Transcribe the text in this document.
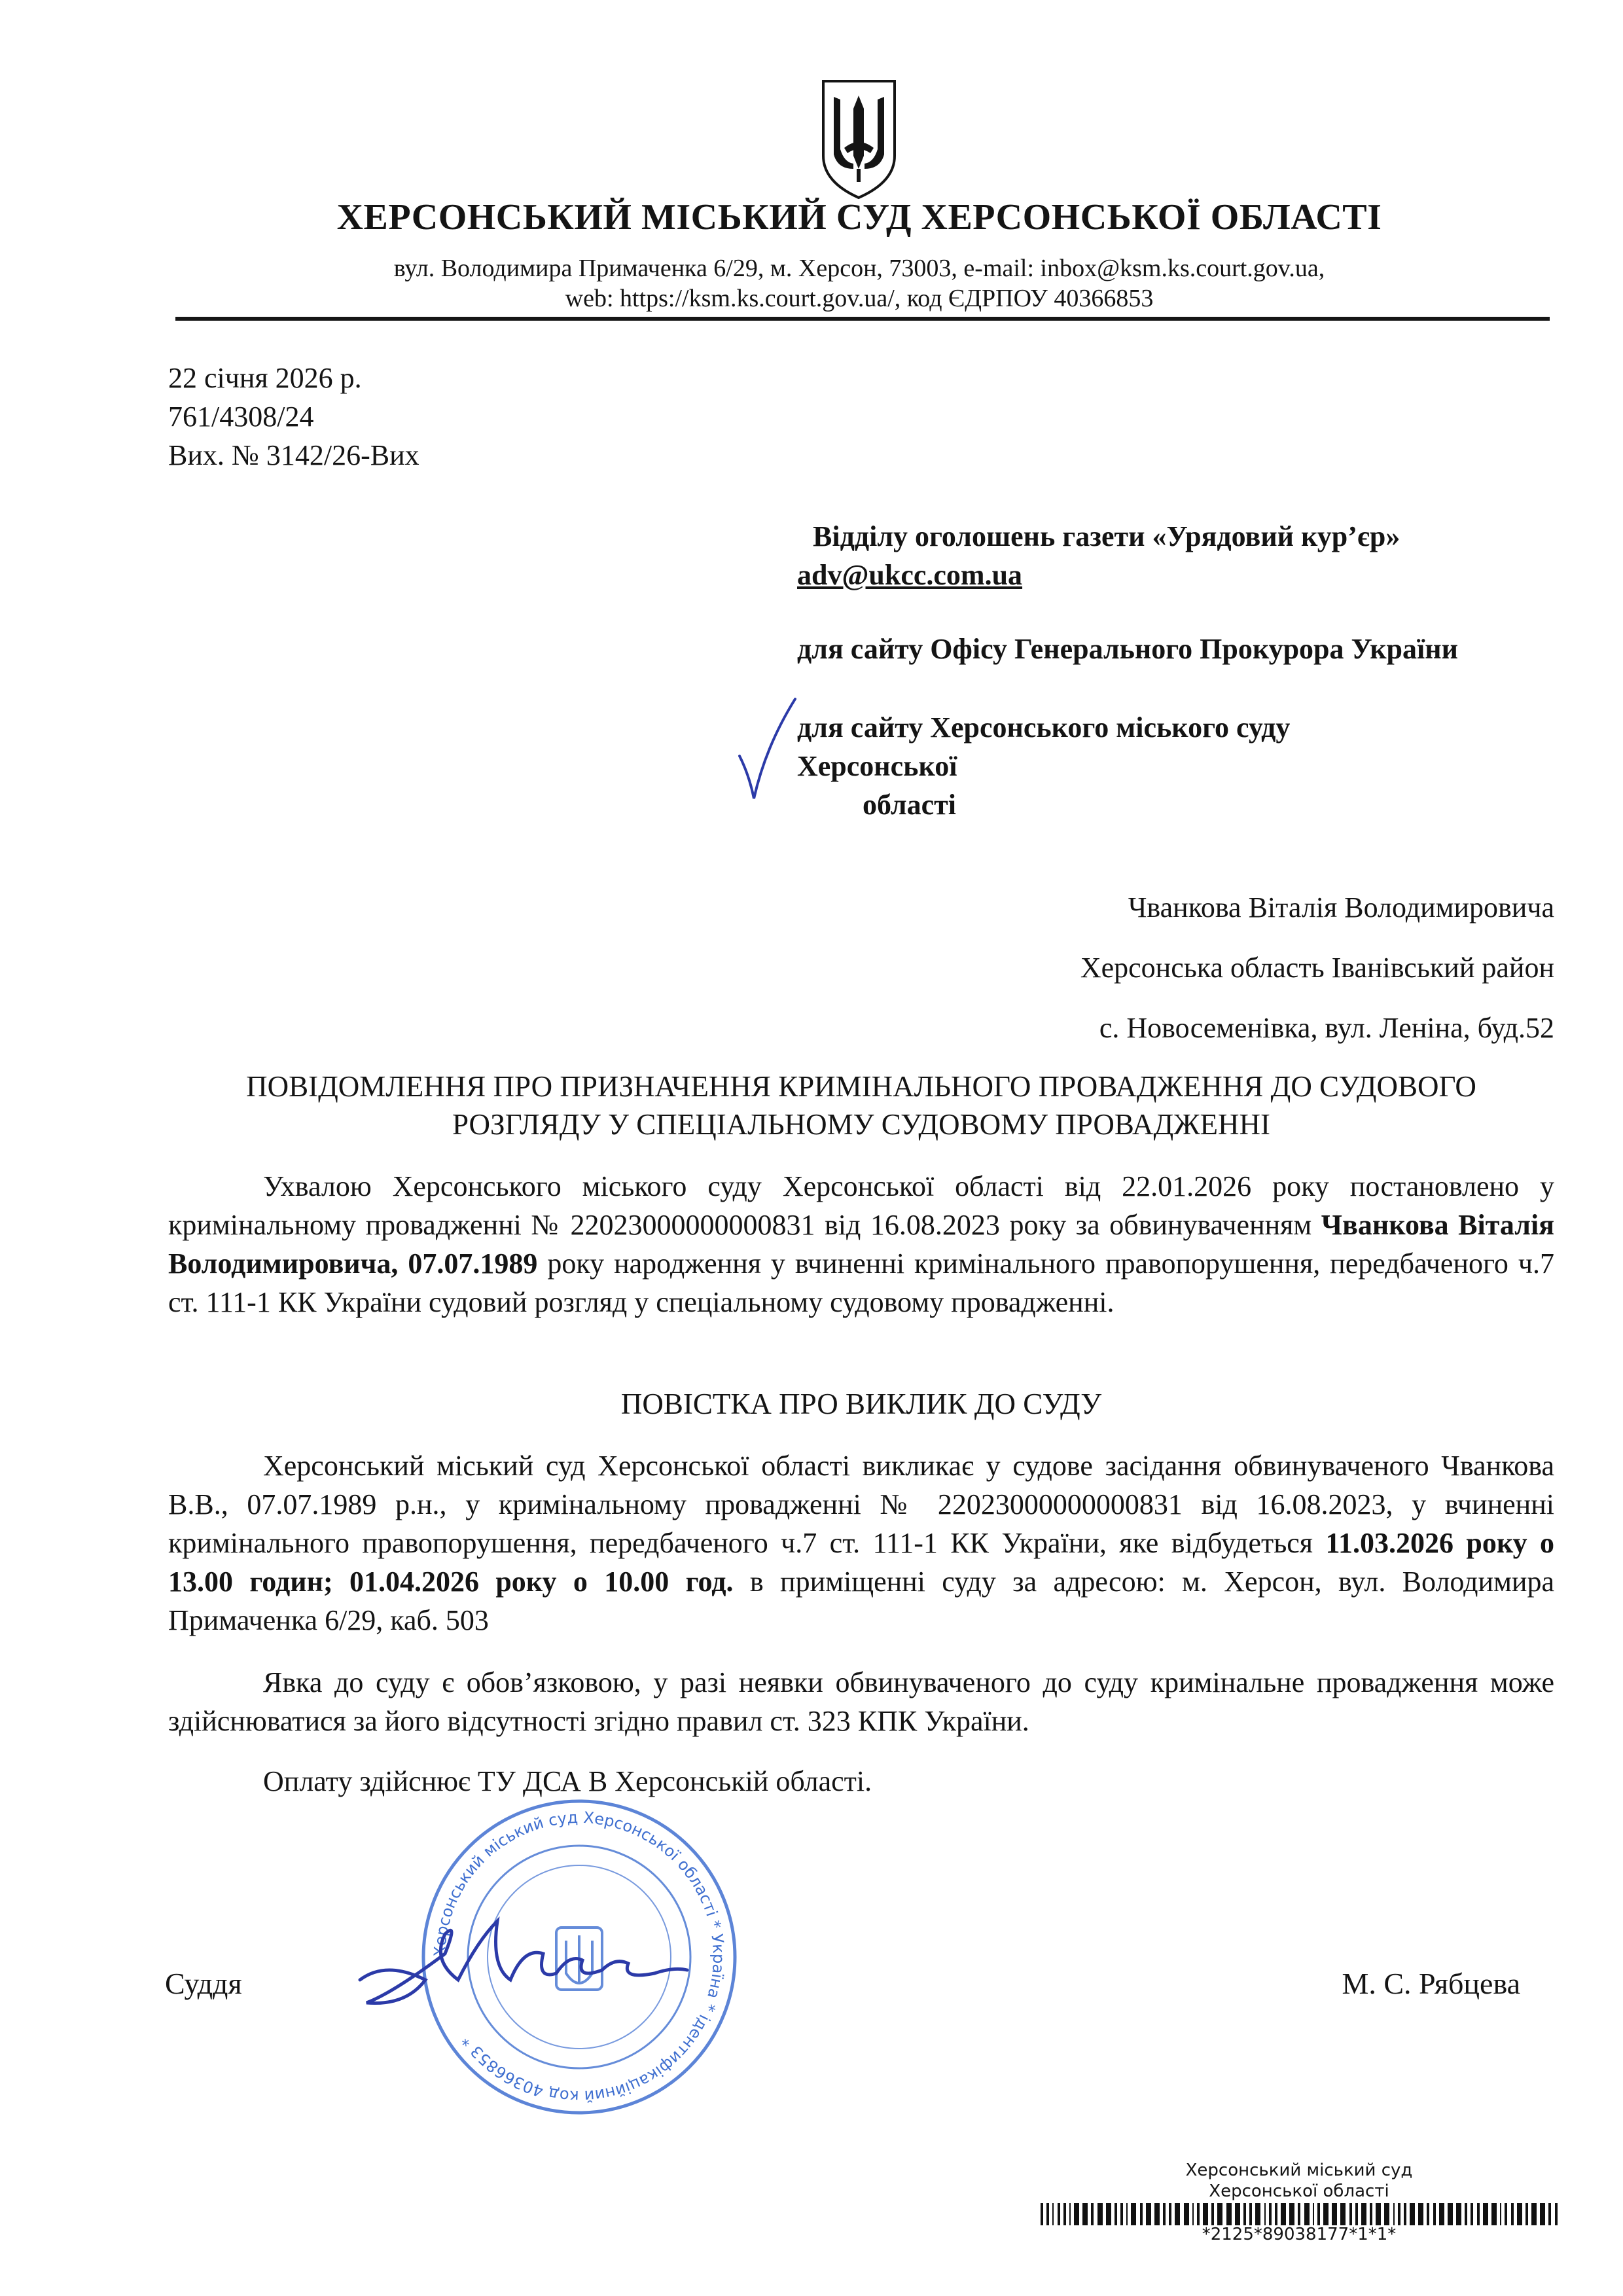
ХЕРСОНСЬКИЙ МІСЬКИЙ СУД ХЕРСОНСЬКОЇ ОБЛАСТІ
вул. Володимира Примаченка 6/29, м. Херсон, 73003, e-mail: inbox@ksm.ks.court.gov.ua,
web: https://ksm.ks.court.gov.ua/, код ЄДРПОУ 40366853
22 січня 2026 р.
761/4308/24
Вих. № 3142/26-Вих
Відділу оголошень газети «Урядовий кур’єр»
adv@ukcc.com.ua
для сайту Офісу Генерального Прокурора України
для сайту Херсонського міського суду
Херсонської
області
Чванкова Віталія Володимировича
Херсонська область Іванівський район
с. Новосеменівка, вул. Леніна, буд.52
ПОВІДОМЛЕННЯ ПРО ПРИЗНАЧЕННЯ КРИМІНАЛЬНОГО ПРОВАДЖЕННЯ ДО СУДОВОГО
РОЗГЛЯДУ У СПЕЦІАЛЬНОМУ СУДОВОМУ ПРОВАДЖЕННІ
Ухвалою Херсонського міського суду Херсонської області від 22.01.2026 року постановлено у кримінальному провадженні № 22023000000000831 від 16.08.2023 року за обвинуваченням Чванкова Віталія Володимировича, 07.07.1989 року народження у вчиненні кримінального правопорушення, передбаченого ч.7 ст. 111-1 КК України судовий розгляд у спеціальному судовому провадженні.
ПОВІСТКА ПРО ВИКЛИК ДО СУДУ
Херсонський міський суд Херсонської області викликає у судове засідання обвинуваченого Чванкова В.В., 07.07.1989 р.н., у кримінальному провадженні № 22023000000000831 від 16.08.2023, у вчиненні кримінального правопорушення, передбаченого ч.7 ст. 111-1 КК України, яке відбудеться 11.03.2026 року о 13.00 годин; 01.04.2026 року о 10.00 год. в приміщенні суду за адресою: м. Херсон, вул. Володимира Примаченка 6/29, каб. 503
Явка до суду є обов’язковою, у разі неявки обвинуваченого до суду кримінальне провадження може здійснюватися за його відсутності згідно правил ст. 323 КПК України.
Оплату здійснює ТУ ДСА В Херсонській області.
Херсонський міський суд Херсонської області * Україна * ідентифікаційний код 40366853 *
Суддя	М. С. Рябцева
Херсонський міський суд
Херсонської області
*2125*89038177*1*1*
